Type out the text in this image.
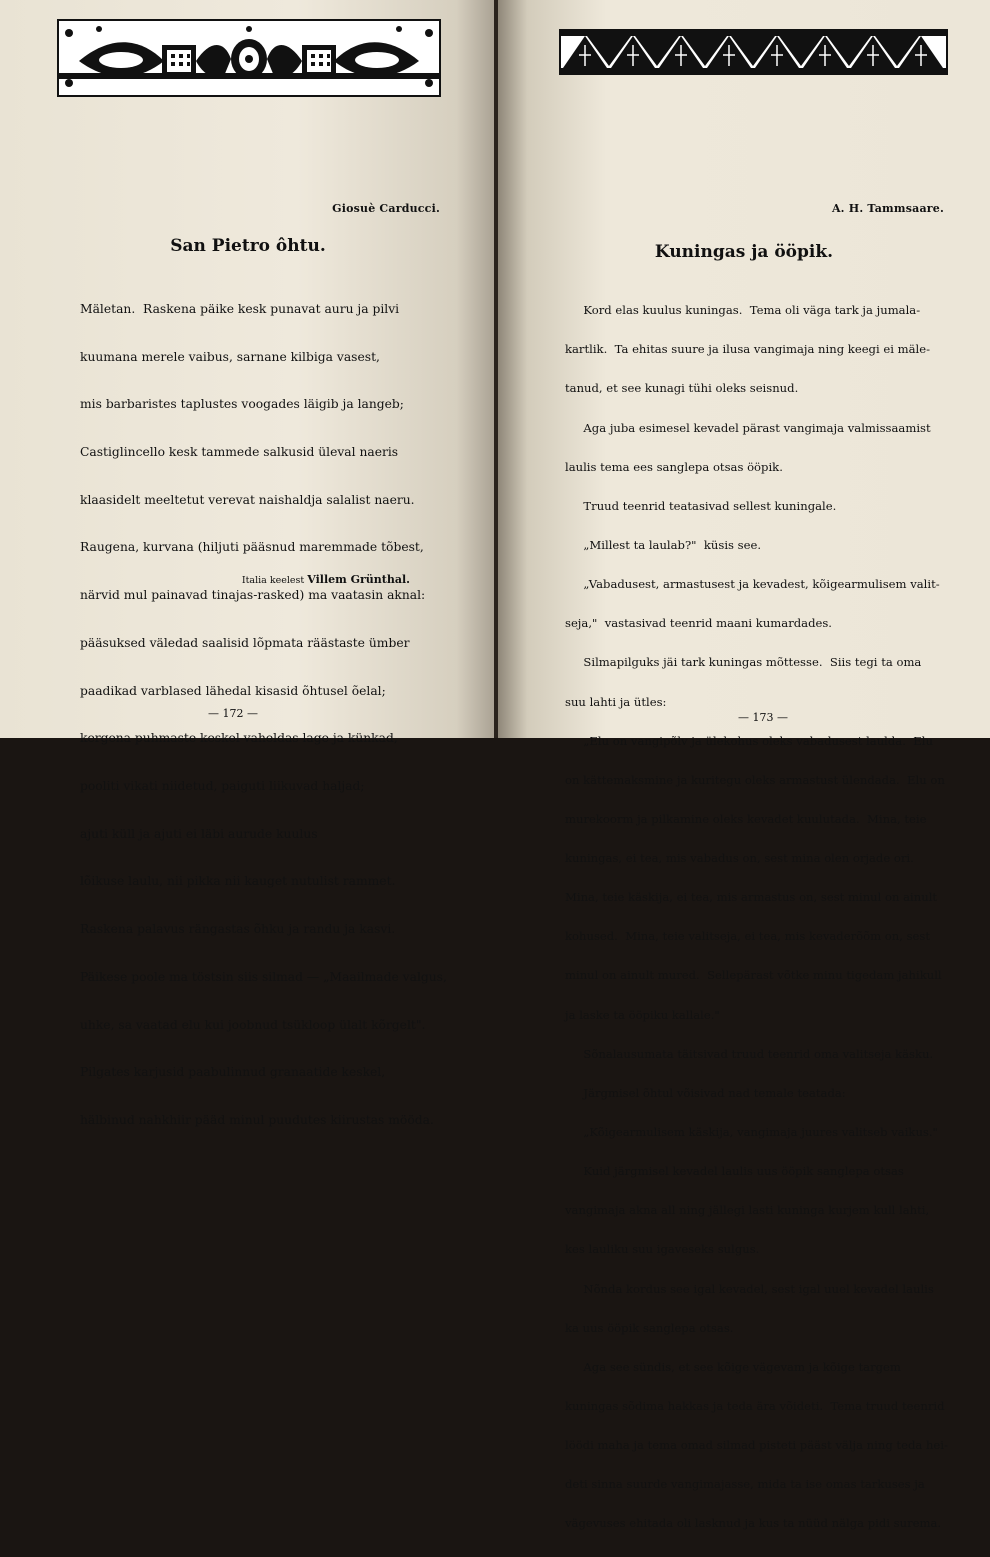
Giosuè Carducci.
San Pietro ôhtu.

Mäletan.  Raskena päike kesk punavat auru ja pilvi

kuumana merele vaibus, sarnane kilbiga vasest,

mis barbaristes taplustes voogades läigib ja langeb;

Castiglincello kesk tammede salkusid üleval naeris

klaasidelt meeltetut verevat naishaldja salalist naeru.

Raugena, kurvana (hiljuti pääsnud maremmade tõbest,

närvid mul painavad tinajas-rasked) ma vaatasin aknal:

pääsuksed väledad saalisid lõpmata räästaste ümber

paadikad varblased lähedal kisasid õhtusel õelal;

kergena puhmaste keskel vaheldas lage ja künkad,

pooliti vikati niidetud, paiguti liikuvad haljad;

ajuti küll ja ajuti ei läbi aurude kuulus

lõikuse laulu, nii pikka nii kauget nutulist rammet.

Raskena palavus rängastas õhku ja randu ja kasvi.

Päikese poole ma töstsin siis silmad — „Maailmade valgus,

uhke, sa vaatad elu kui joobnud tsükloop ülalt kõrgelt".

Pilgates karjusid paabulinnud granaatide keskel,

hälbinud nahkhiir pääd minul puudutes kiirustas mööda.

Italia keelest Villem Grünthal.
— 172 —
A. H. Tammsaare.
Kuningas ja ööpik.

Kord elas kuulus kuningas.  Tema oli väga tark ja jumala-

kartlik.  Ta ehitas suure ja ilusa vangimaja ning keegi ei mäle-

tanud, et see kunagi tühi oleks seisnud.

Aga juba esimesel kevadel pärast vangimaja valmissaamist

laulis tema ees sanglepa otsas ööpik.

Truud teenrid teatasivad sellest kuningale.

„Millest ta laulab?"  küsis see.

„Vabadusest, armastusest ja kevadest, kõigearmulisem valit-

seja,"  vastasivad teenrid maani kumardades.

Silmapilguks jäi tark kuningas mõttesse.  Siis tegi ta oma

suu lahti ja ütles:

„Elu on vangipõlv ja ülekohus oleks vabadusest laulda.  Elu

on kättemaksmine ja kuritegu oleks armastust ülendada.  Elu on

murekoorm ja pilkamine oleks kevadet kuulutada.  Mina, teie

kuningas, ei tea, mis vabadus on, sest mina olen orjade ori.

Mina, teie käskija, ei tea, mis armastus on, sest minul on ainult

kohused.  Mina, teie valitseja, ei tea, mis kevaderõõm on, sest

minul on ainult mured.  Sellepärast võtke minu tigedam jahikull

ja laske ta ööpiku kallale."

Sõnalausumata täitsivad truud teenrid oma valitseja käsku.

Järgmisel õhtul võisivad nad temale teatada:

„Kõigearmulisem käskija, vangimaja juures valitseb vaikus."

Kuid järgmisel kevadel laulis uus ööpik sanglepa otsas

vangimaja akna all ning jällegi lasti kuninga kurjem kull lahti,

kes lauliku suu igaveseks sulgus.

Nõnda kordus see igal kevadel, sest igal uuel kevadel laulis

ka uus ööpik sanglepa otsas.

Aga see sündis, et see kõige vägevam ja kõige targem

kuningas sõdima hakkas ja teda ära võideti.  Tema truud teenrid

löödi maha ja tema omad silmad pisteti pääst välja ning teda hei-

deti sinna suurde vangimajasse, mida ta ise omas tarkuses ja

vägevuses ehitada oli lasknud ja kus ta nüüd nälga pidi surema.

— 173 —
